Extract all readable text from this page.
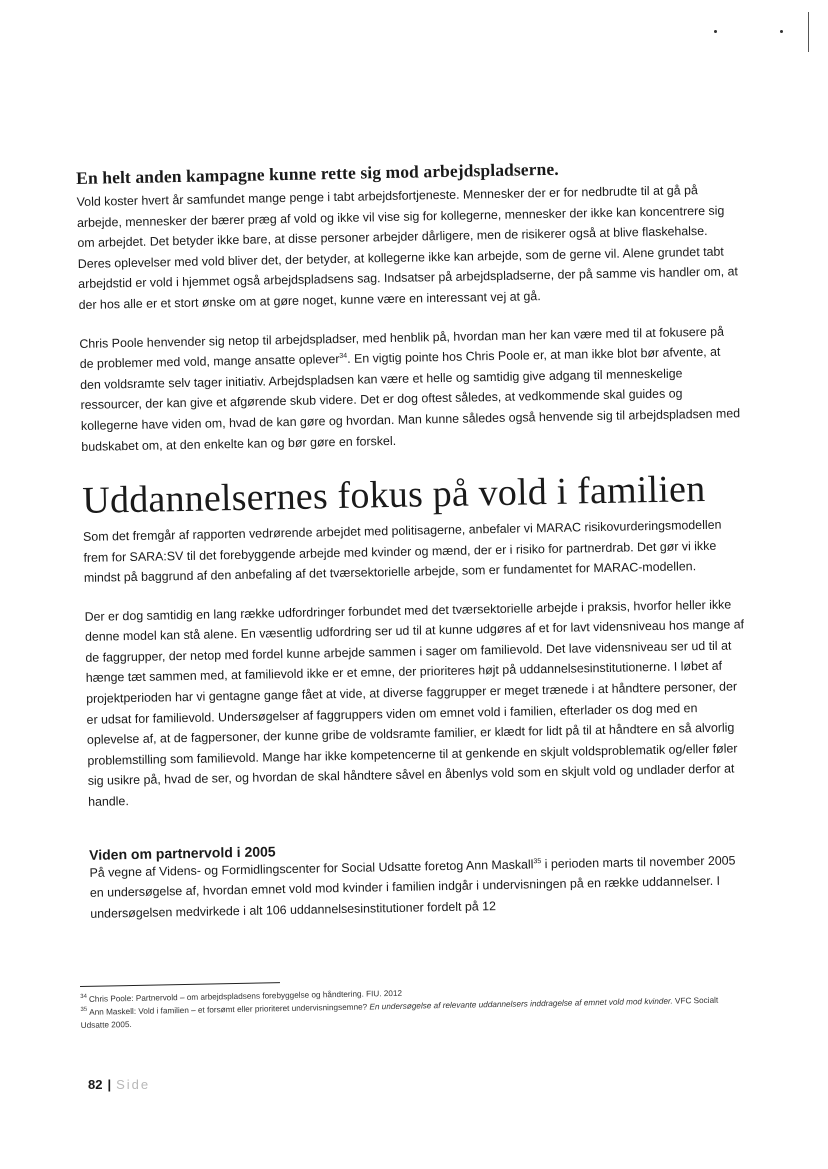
En helt anden kampagne kunne rette sig mod arbejdspladserne.

Vold koster hvert år samfundet mange penge i tabt arbejdsfortjeneste. Mennesker der er for nedbrudte til at gå på arbejde, mennesker der bærer præg af vold og ikke vil vise sig for kollegerne, mennesker der ikke kan koncentrere sig om arbejdet. Det betyder ikke bare, at disse personer arbejder dårligere, men de risikerer også at blive flaskehalse. Deres oplevelser med vold bliver det, der betyder, at kollegerne ikke kan arbejde, som de gerne vil. Alene grundet tabt arbejdstid er vold i hjemmet også arbejdspladsens sag. Indsatser på arbejdspladserne, der på samme vis handler om, at der hos alle er et stort ønske om at gøre noget, kunne være en interessant vej at gå.

Chris Poole henvender sig netop til arbejdspladser, med henblik på, hvordan man her kan være med til at fokusere på de problemer med vold, mange ansatte oplever$^{34}$. En vigtig pointe hos Chris Poole er, at man ikke blot bør afvente, at den voldsramte selv tager initiativ. Arbejdspladsen kan være et helle og samtidig give adgang til menneskelige ressourcer, der kan give et afgørende skub videre. Det er dog oftest således, at vedkommende skal guides og kollegerne have viden om, hvad de kan gøre og hvordan. Man kunne således også henvende sig til arbejdspladsen med budskabet om, at den enkelte kan og bør gøre en forskel.

Uddannelsernes fokus på vold i familien

Som det fremgår af rapporten vedrørende arbejdet med politisagerne, anbefaler vi MARAC risikovurderingsmodellen frem for SARA:SV til det forebyggende arbejde med kvinder og mænd, der er i risiko for partnerdrab. Det gør vi ikke mindst på baggrund af den anbefaling af det tværsektorielle arbejde, som er fundamentet for MARAC-modellen.

Der er dog samtidig en lang række udfordringer forbundet med det tværsektorielle arbejde i praksis, hvorfor heller ikke denne model kan stå alene. En væsentlig udfordring ser ud til at kunne udgøres af et for lavt vidensniveau hos mange af de faggrupper, der netop med fordel kunne arbejde sammen i sager om familievold. Det lave vidensniveau ser ud til at hænge tæt sammen med, at familievold ikke er et emne, der prioriteres højt på uddannelsesinstitutionerne. I løbet af projektperioden har vi gentagne gange fået at vide, at diverse faggrupper er meget trænede i at håndtere personer, der er udsat for familievold. Undersøgelser af faggruppers viden om emnet vold i familien, efterlader os dog med en oplevelse af, at de fagpersoner, der kunne gribe de voldsramte familier, er klædt for lidt på til at håndtere en så alvorlig problemstilling som familievold. Mange har ikke kompetencerne til at genkende en skjult voldsproblematik og/eller føler sig usikre på, hvad de ser, og hvordan de skal håndtere såvel en åbenlys vold som en skjult vold og undlader derfor at handle.

Viden om partnervold i 2005

På vegne af Videns- og Formidlingscenter for Social Udsatte foretog Ann Maskall$^{35}$ i perioden marts til november 2005 en undersøgelse af, hvordan emnet vold mod kvinder i familien indgår i undervisningen på en række uddannelser. I undersøgelsen medvirkede i alt 106 uddannelsesinstitutioner fordelt på 12

$^{34}$ Chris Poole: Partnervold – om arbejdspladsens forebyggelse og håndtering. FIU. 2012
$^{35}$ Ann Maskell: Vold i familien – et forsømt eller prioriteret undervisningsemne? En undersøgelse af relevante uddannelsers inddragelse af emnet vold mod kvinder. VFC Socialt Udsatte 2005.
82 | Side
